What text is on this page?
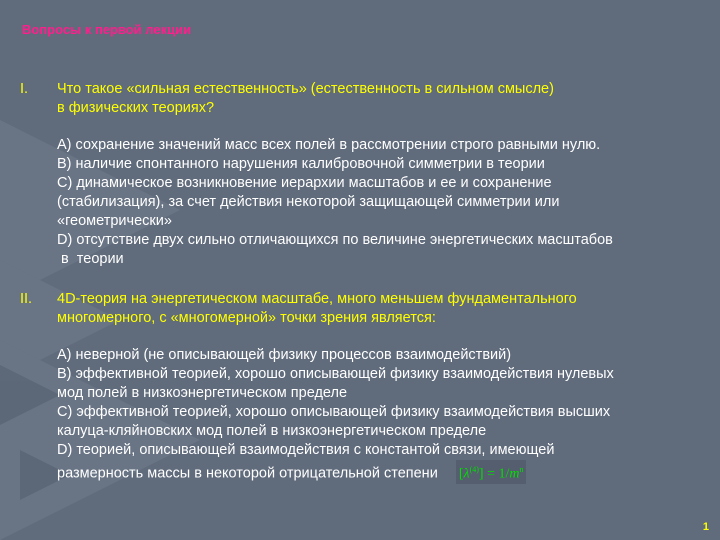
Вопросы к первой лекции
I. Что такое «сильная естественность» (естественность в сильном смысле)
в физических теориях?
A) сохранение значений масс всех полей в рассмотрении строго равными нулю.
B) наличие спонтанного нарушения калибровочной симметрии в теории
C) динамическое возникновение иерархии масштабов и ее и сохранение
(стабилизация), за счет действия некоторой защищающей симметрии или
«геометрически»
D) отсутствие двух сильно отличающихся по величине энергетических масштабов
в  теории
II. 4D-теория на энергетическом масштабе, много меньшем фундаментального
многомерного, с «многомерной» точки зрения является:
A) неверной (не описывающей физику процессов взаимодействий)
B) эффективной теорией, хорошо описывающей физику взаимодействия нулевых
мод полей в низкоэнергетическом пределе
C) эффективной теорией, хорошо описывающей физику взаимодействия высших
калуца-кляйновских мод полей в низкоэнергетическом пределе
D) теорией, описывающей взаимодействия с константой связи, имеющей
размерность массы в некоторой отрицательной степени $[\lambda^{(4)}] = 1/m^n$
1
